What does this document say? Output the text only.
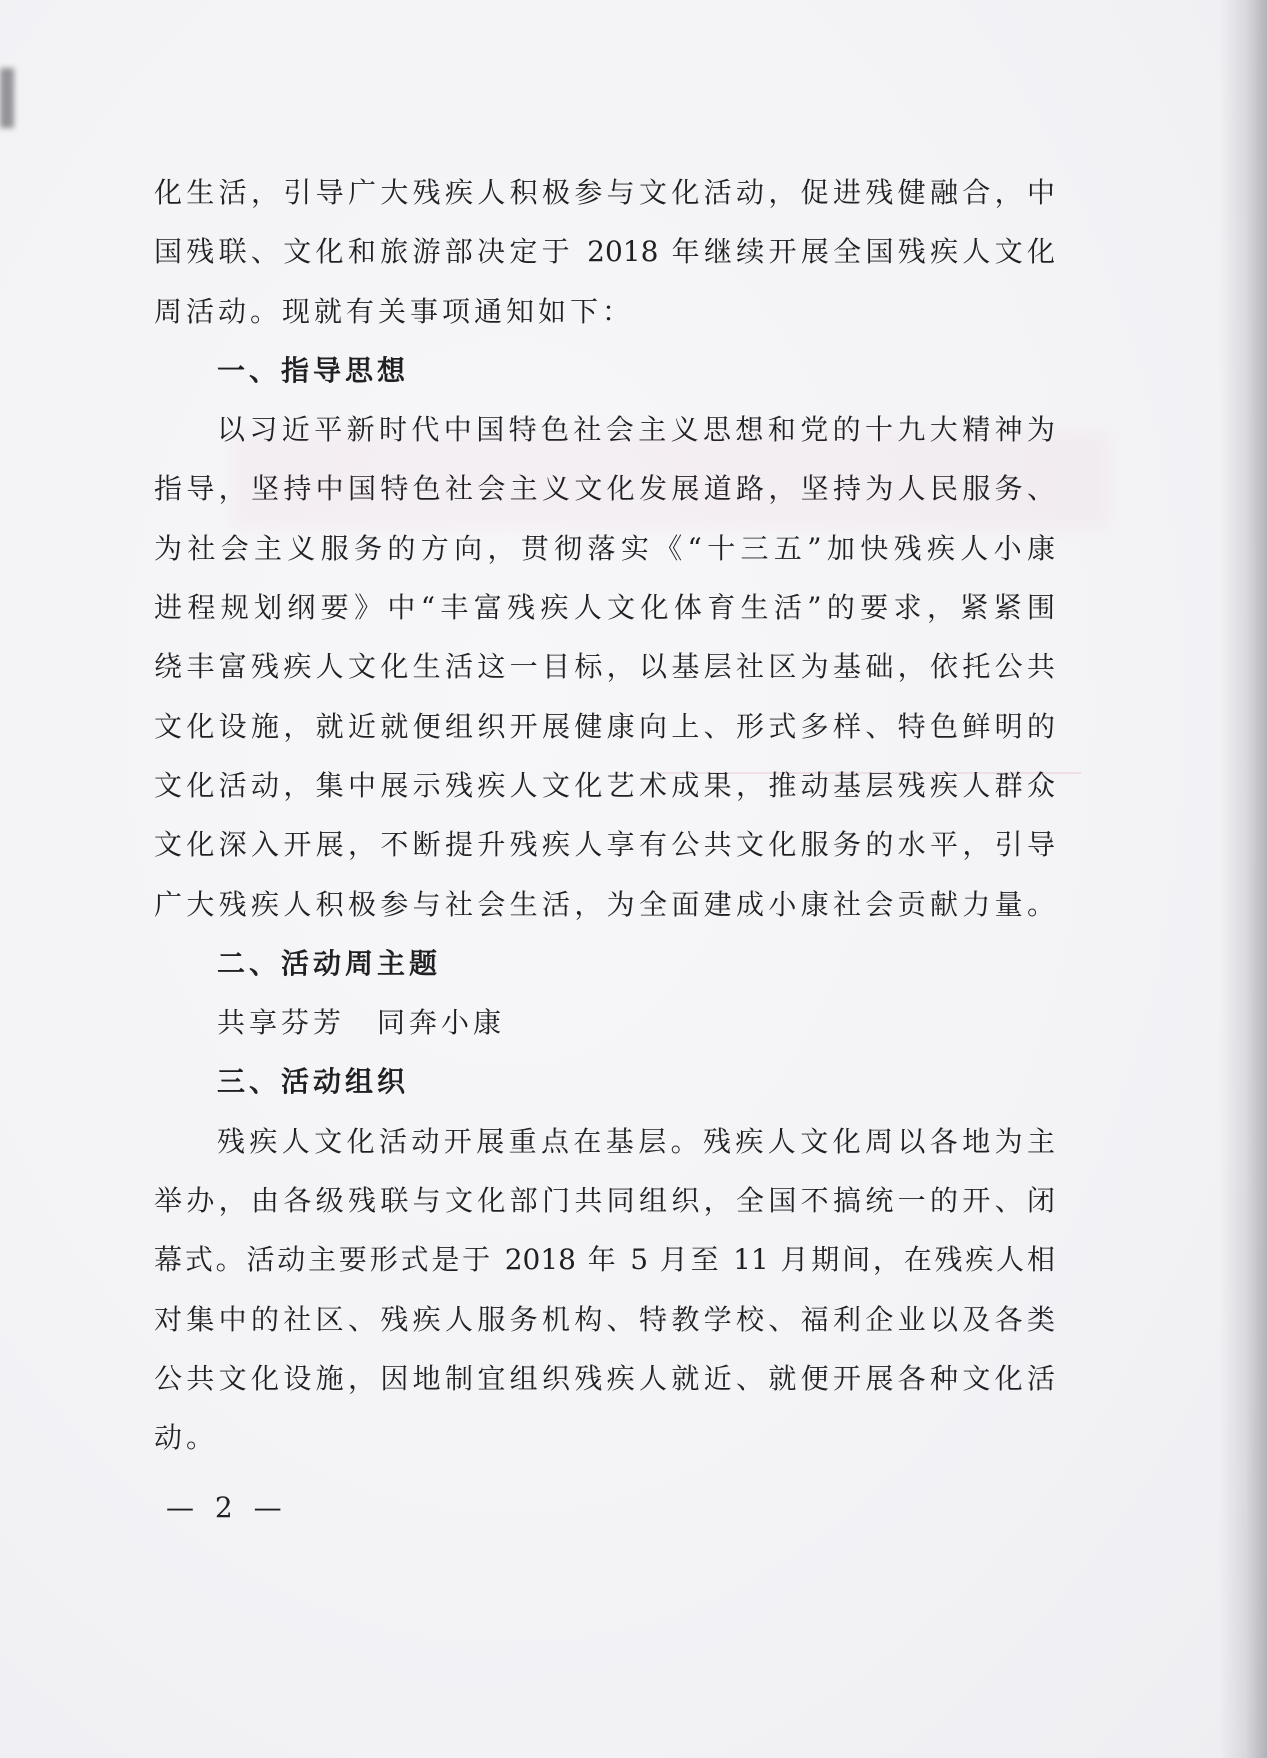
化生活，引导广大残疾人积极参与文化活动，促进残健融合，中
国残联、文化和旅游部决定于 2018 年继续开展全国残疾人文化
周活动。现就有关事项通知如下：
一、指导思想
以习近平新时代中国特色社会主义思想和党的十九大精神为
指导，坚持中国特色社会主义文化发展道路，坚持为人民服务、
为社会主义服务的方向，贯彻落实《“十三五”加快残疾人小康
进程规划纲要》中“丰富残疾人文化体育生活”的要求，紧紧围
绕丰富残疾人文化生活这一目标，以基层社区为基础，依托公共
文化设施，就近就便组织开展健康向上、形式多样、特色鲜明的
文化活动，集中展示残疾人文化艺术成果，推动基层残疾人群众
文化深入开展，不断提升残疾人享有公共文化服务的水平，引导
广大残疾人积极参与社会生活，为全面建成小康社会贡献力量。
二、活动周主题
共享芬芳　同奔小康
三、活动组织
残疾人文化活动开展重点在基层。残疾人文化周以各地为主
举办，由各级残联与文化部门共同组织，全国不搞统一的开、闭
幕式。活动主要形式是于 2018 年 5 月至 11 月期间，在残疾人相
对集中的社区、残疾人服务机构、特教学校、福利企业以及各类
公共文化设施，因地制宜组织残疾人就近、就便开展各种文化活
动。
— 2 —
